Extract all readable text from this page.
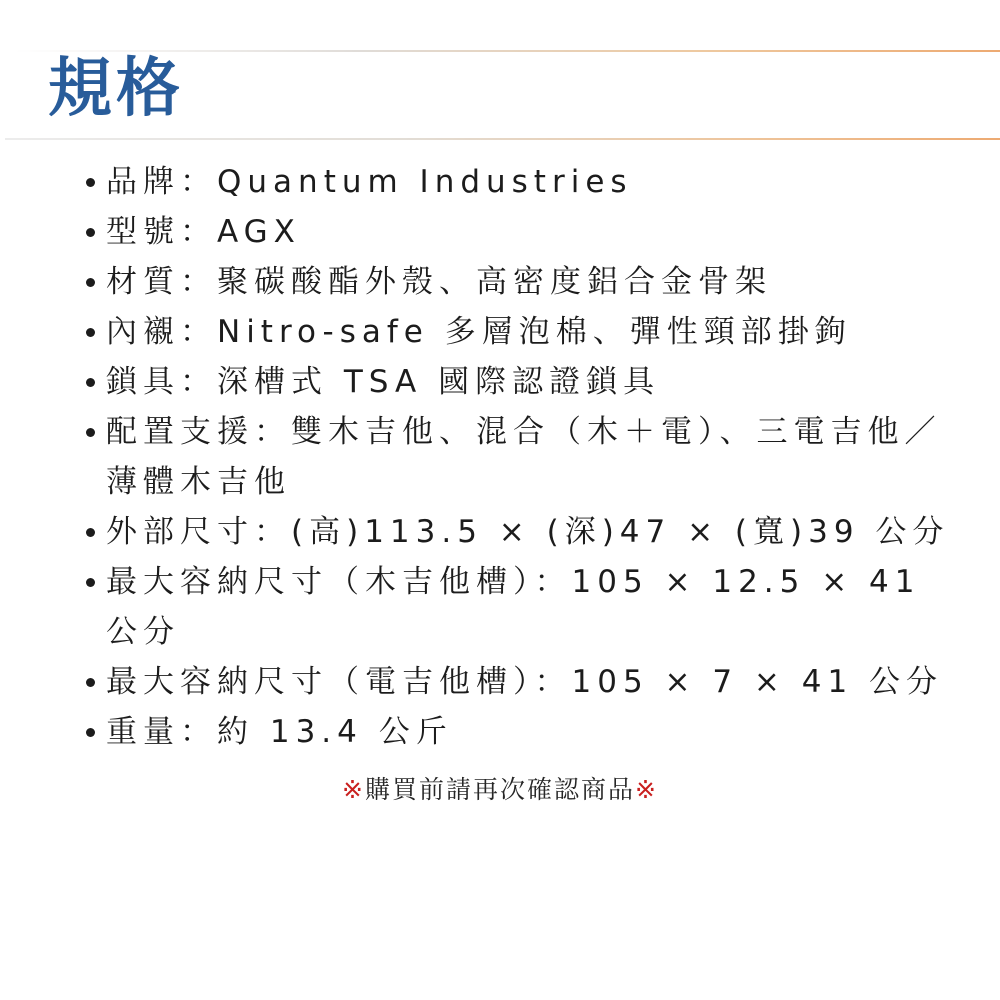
規格
品牌：Quantum Industries
型號：AGX
材質：聚碳酸酯外殼、高密度鋁合金骨架
內襯：Nitro-safe 多層泡棉、彈性頸部掛鉤
鎖具：深槽式 TSA 國際認證鎖具
配置支援：雙木吉他、混合（木＋電）、三電吉他／薄體木吉他
外部尺寸：(高)113.5 × (深)47 × (寬)39 公分
最大容納尺寸（木吉他槽）：105 × 12.5 × 41 公分
最大容納尺寸（電吉他槽）：105 × 7 × 41 公分
重量：約 13.4 公斤

※購買前請再次確認商品※
